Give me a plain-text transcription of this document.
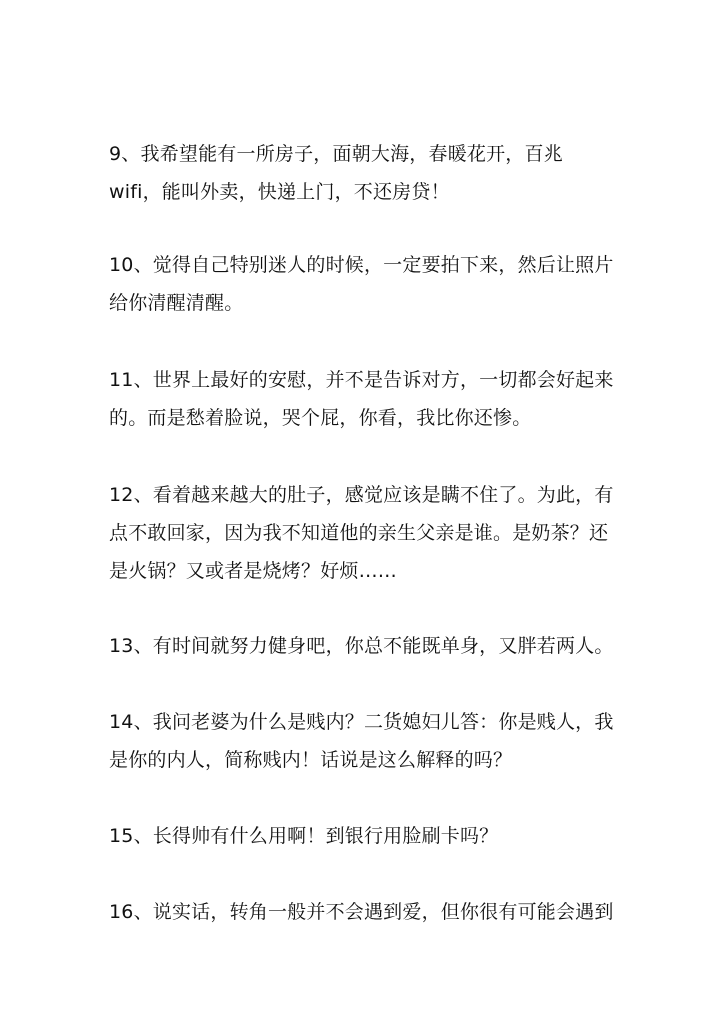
9、我希望能有一所房子，面朝大海，春暖花开，百兆
wifi，能叫外卖，快递上门，不还房贷！

10、觉得自己特别迷人的时候，一定要拍下来，然后让照片
给你清醒清醒。

11、世界上最好的安慰，并不是告诉对方，一切都会好起来
的。而是愁着脸说，哭个屁，你看，我比你还惨。

12、看着越来越大的肚子，感觉应该是瞒不住了。为此，有
点不敢回家，因为我不知道他的亲生父亲是谁。是奶茶？还
是火锅？又或者是烧烤？好烦……

13、有时间就努力健身吧，你总不能既单身，又胖若两人。

14、我问老婆为什么是贱内？二货媳妇儿答：你是贱人，我
是你的内人，简称贱内！话说是这么解释的吗？

15、长得帅有什么用啊！到银行用脸刷卡吗？

16、说实话，转角一般并不会遇到爱，但你很有可能会遇到
